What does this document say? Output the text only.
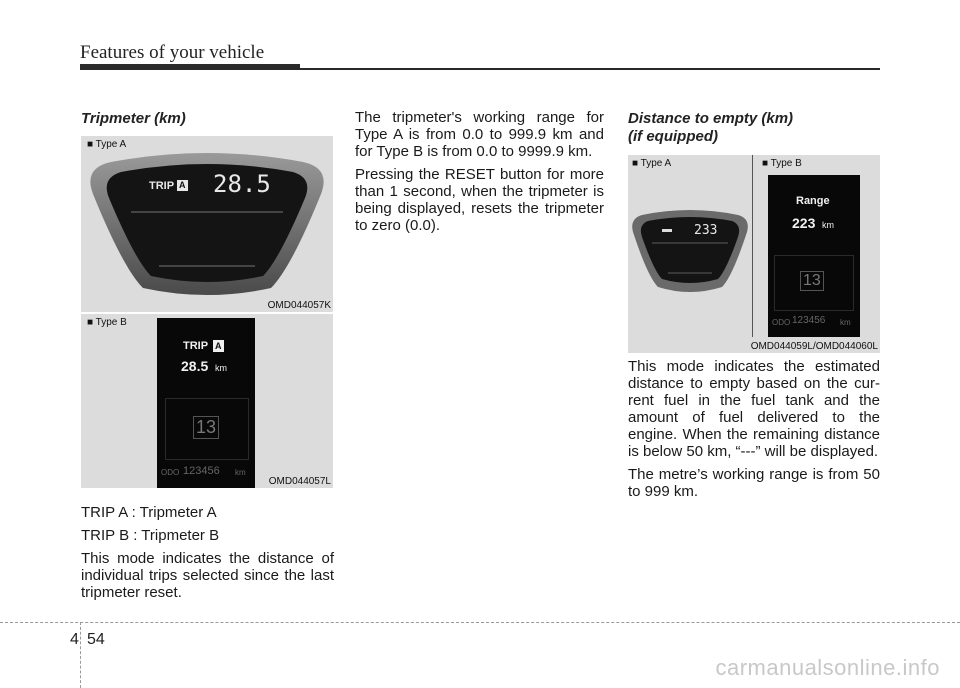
Features of your vehicle
Tripmeter (km)
■ Type A
TRIP A 28.5
OMD044057K
■ Type B
TRIP A
28.5 km
13
ODO 123456 km
OMD044057L

TRIP A : Tripmeter A

TRIP B : Tripmeter B

This mode indicates the distance of individual trips selected since the last tripmeter reset.

The tripmeter's working range for Type A is from 0.0 to 999.9 km and for Type B is from 0.0 to 9999.9 km.

Pressing the RESET button for more than 1 second, when the tripmeter is being displayed, resets the tripmeter to zero (0.0).

Distance to empty (km)
(if equipped)
■ Type A	■ Type B
233
Range
223 km
13
ODO 123456 km
OMD044059L/OMD044060L

This mode indicates the estimated distance to empty based on the cur-rent fuel in the fuel tank and the amount of fuel delivered to the engine. When the remaining distance is below 50 km, “---” will be displayed.

The metre’s working range is from 50 to 999 km.

4 54
carmanualsonline.info
